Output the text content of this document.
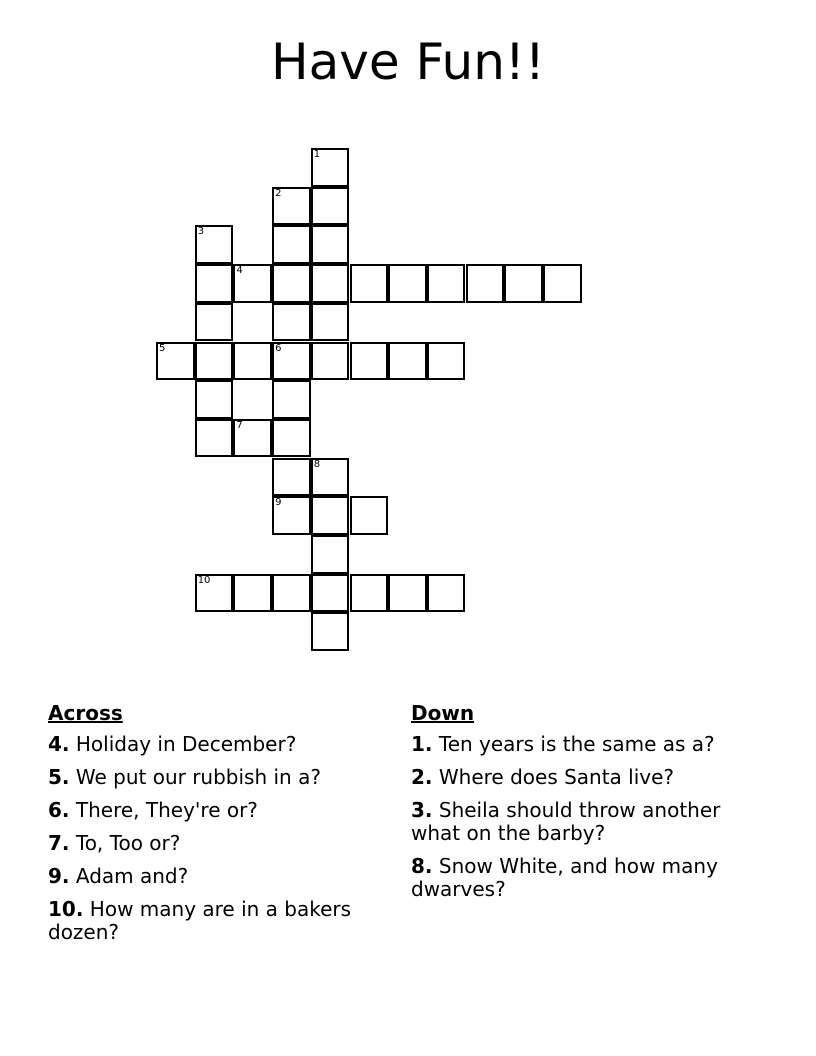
Have Fun!!
1
2
6
3
4
5
7
8
9
10
Across
4. Holiday in December?
5. We put our rubbish in a?
6. There, They're or?
7. To, Too or?
9. Adam and?
10. How many are in a bakers dozen?
Down
1. Ten years is the same as a?
2. Where does Santa live?
3. Sheila should throw another what on the barby?
8. Snow White, and how many dwarves?
